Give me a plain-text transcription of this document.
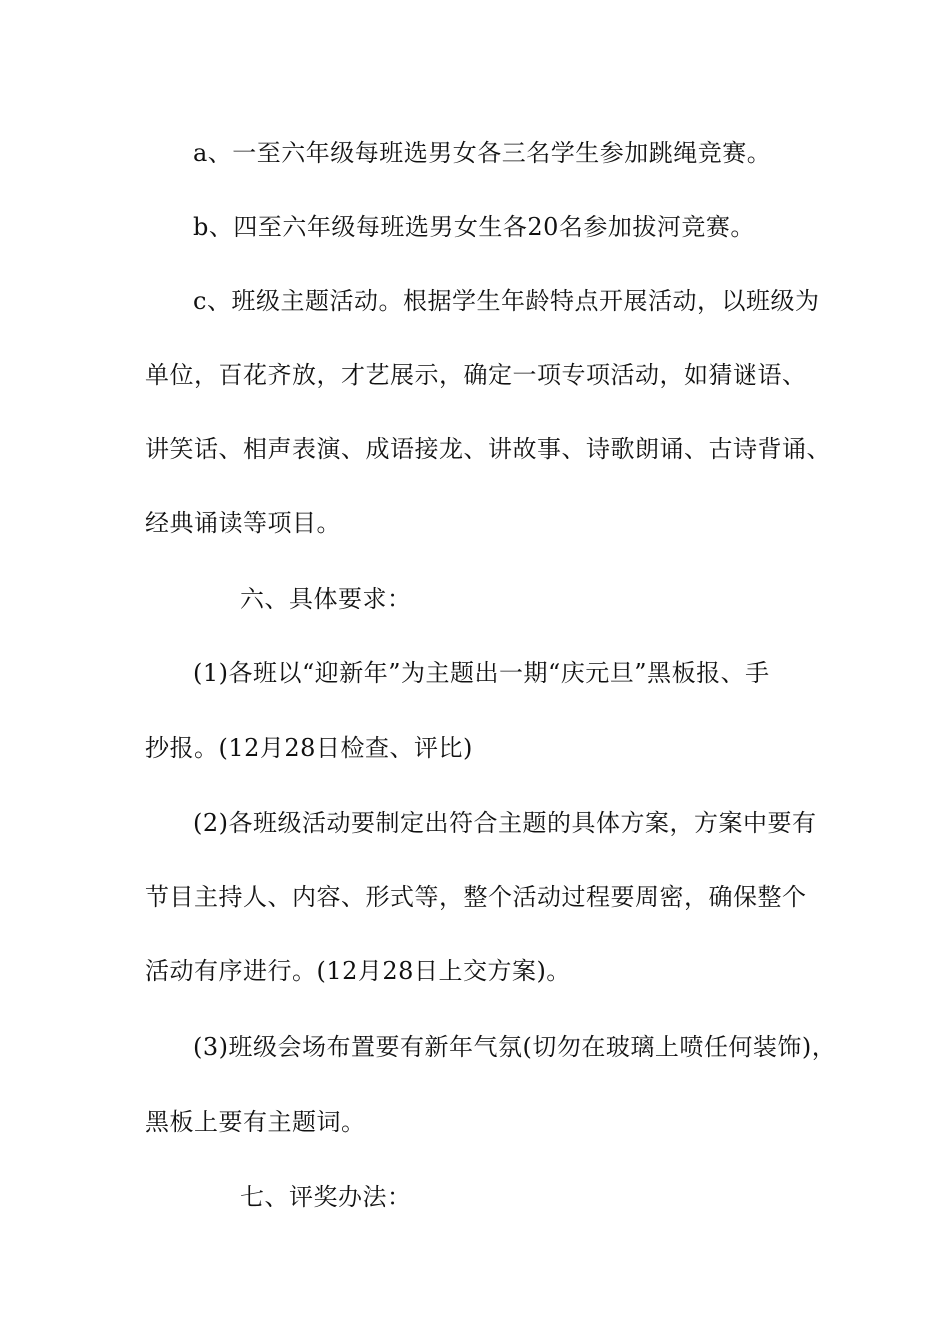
a、一至六年级每班选男女各三名学生参加跳绳竞赛。
b、四至六年级每班选男女生各20名参加拔河竞赛。
c、班级主题活动。根据学生年龄特点开展活动，以班级为
单位，百花齐放，才艺展示，确定一项专项活动，如猜谜语、
讲笑话、相声表演、成语接龙、讲故事、诗歌朗诵、古诗背诵、
经典诵读等项目。
六、具体要求：
(1)各班以“迎新年”为主题出一期“庆元旦”黑板报、手
抄报。(12月28日检查、评比)
(2)各班级活动要制定出符合主题的具体方案，方案中要有
节目主持人、内容、形式等，整个活动过程要周密，确保整个
活动有序进行。(12月28日上交方案)。
(3)班级会场布置要有新年气氛(切勿在玻璃上喷任何装饰)，
黑板上要有主题词。
七、评奖办法：
